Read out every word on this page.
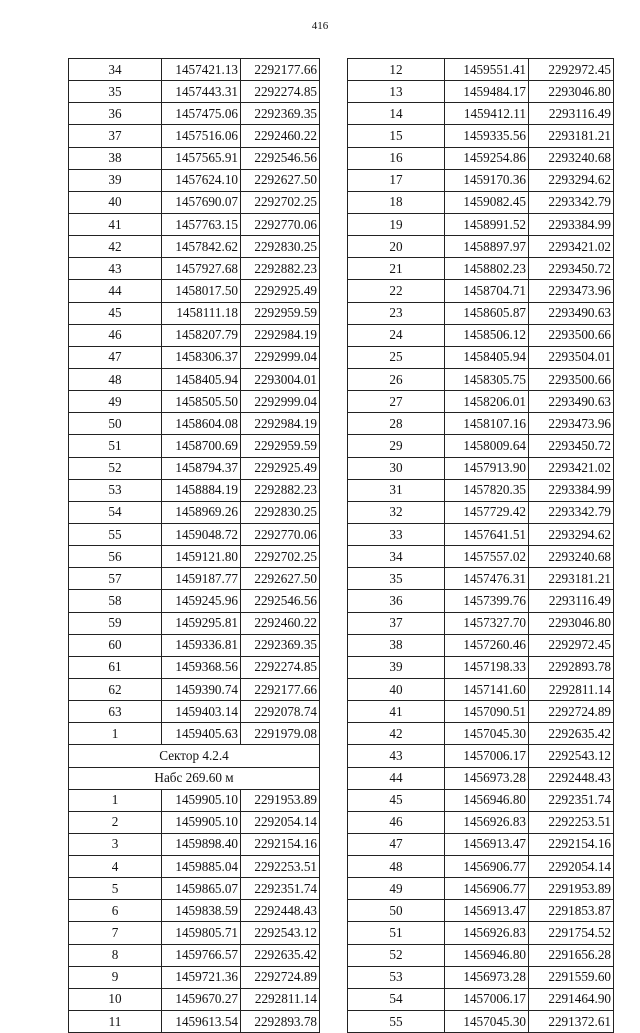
416
34	1457421.13	2292177.66
35	1457443.31	2292274.85
36	1457475.06	2292369.35
37	1457516.06	2292460.22
38	1457565.91	2292546.56
39	1457624.10	2292627.50
40	1457690.07	2292702.25
41	1457763.15	2292770.06
42	1457842.62	2292830.25
43	1457927.68	2292882.23
44	1458017.50	2292925.49
45	1458111.18	2292959.59
46	1458207.79	2292984.19
47	1458306.37	2292999.04
48	1458405.94	2293004.01
49	1458505.50	2292999.04
50	1458604.08	2292984.19
51	1458700.69	2292959.59
52	1458794.37	2292925.49
53	1458884.19	2292882.23
54	1458969.26	2292830.25
55	1459048.72	2292770.06
56	1459121.80	2292702.25
57	1459187.77	2292627.50
58	1459245.96	2292546.56
59	1459295.81	2292460.22
60	1459336.81	2292369.35
61	1459368.56	2292274.85
62	1459390.74	2292177.66
63	1459403.14	2292078.74
1	1459405.63	2291979.08
Сектор 4.2.4		
Набс 269.60 м		
1	1459905.10	2291953.89
2	1459905.10	2292054.14
3	1459898.40	2292154.16
4	1459885.04	2292253.51
5	1459865.07	2292351.74
6	1459838.59	2292448.43
7	1459805.71	2292543.12
8	1459766.57	2292635.42
9	1459721.36	2292724.89
10	1459670.27	2292811.14
11	1459613.54	2292893.78
12	1459551.41	2292972.45
13	1459484.17	2293046.80
14	1459412.11	2293116.49
15	1459335.56	2293181.21
16	1459254.86	2293240.68
17	1459170.36	2293294.62
18	1459082.45	2293342.79
19	1458991.52	2293384.99
20	1458897.97	2293421.02
21	1458802.23	2293450.72
22	1458704.71	2293473.96
23	1458605.87	2293490.63
24	1458506.12	2293500.66
25	1458405.94	2293504.01
26	1458305.75	2293500.66
27	1458206.01	2293490.63
28	1458107.16	2293473.96
29	1458009.64	2293450.72
30	1457913.90	2293421.02
31	1457820.35	2293384.99
32	1457729.42	2293342.79
33	1457641.51	2293294.62
34	1457557.02	2293240.68
35	1457476.31	2293181.21
36	1457399.76	2293116.49
37	1457327.70	2293046.80
38	1457260.46	2292972.45
39	1457198.33	2292893.78
40	1457141.60	2292811.14
41	1457090.51	2292724.89
42	1457045.30	2292635.42
43	1457006.17	2292543.12
44	1456973.28	2292448.43
45	1456946.80	2292351.74
46	1456926.83	2292253.51
47	1456913.47	2292154.16
48	1456906.77	2292054.14
49	1456906.77	2291953.89
50	1456913.47	2291853.87
51	1456926.83	2291754.52
52	1456946.80	2291656.28
53	1456973.28	2291559.60
54	1457006.17	2291464.90
55	1457045.30	2291372.61
